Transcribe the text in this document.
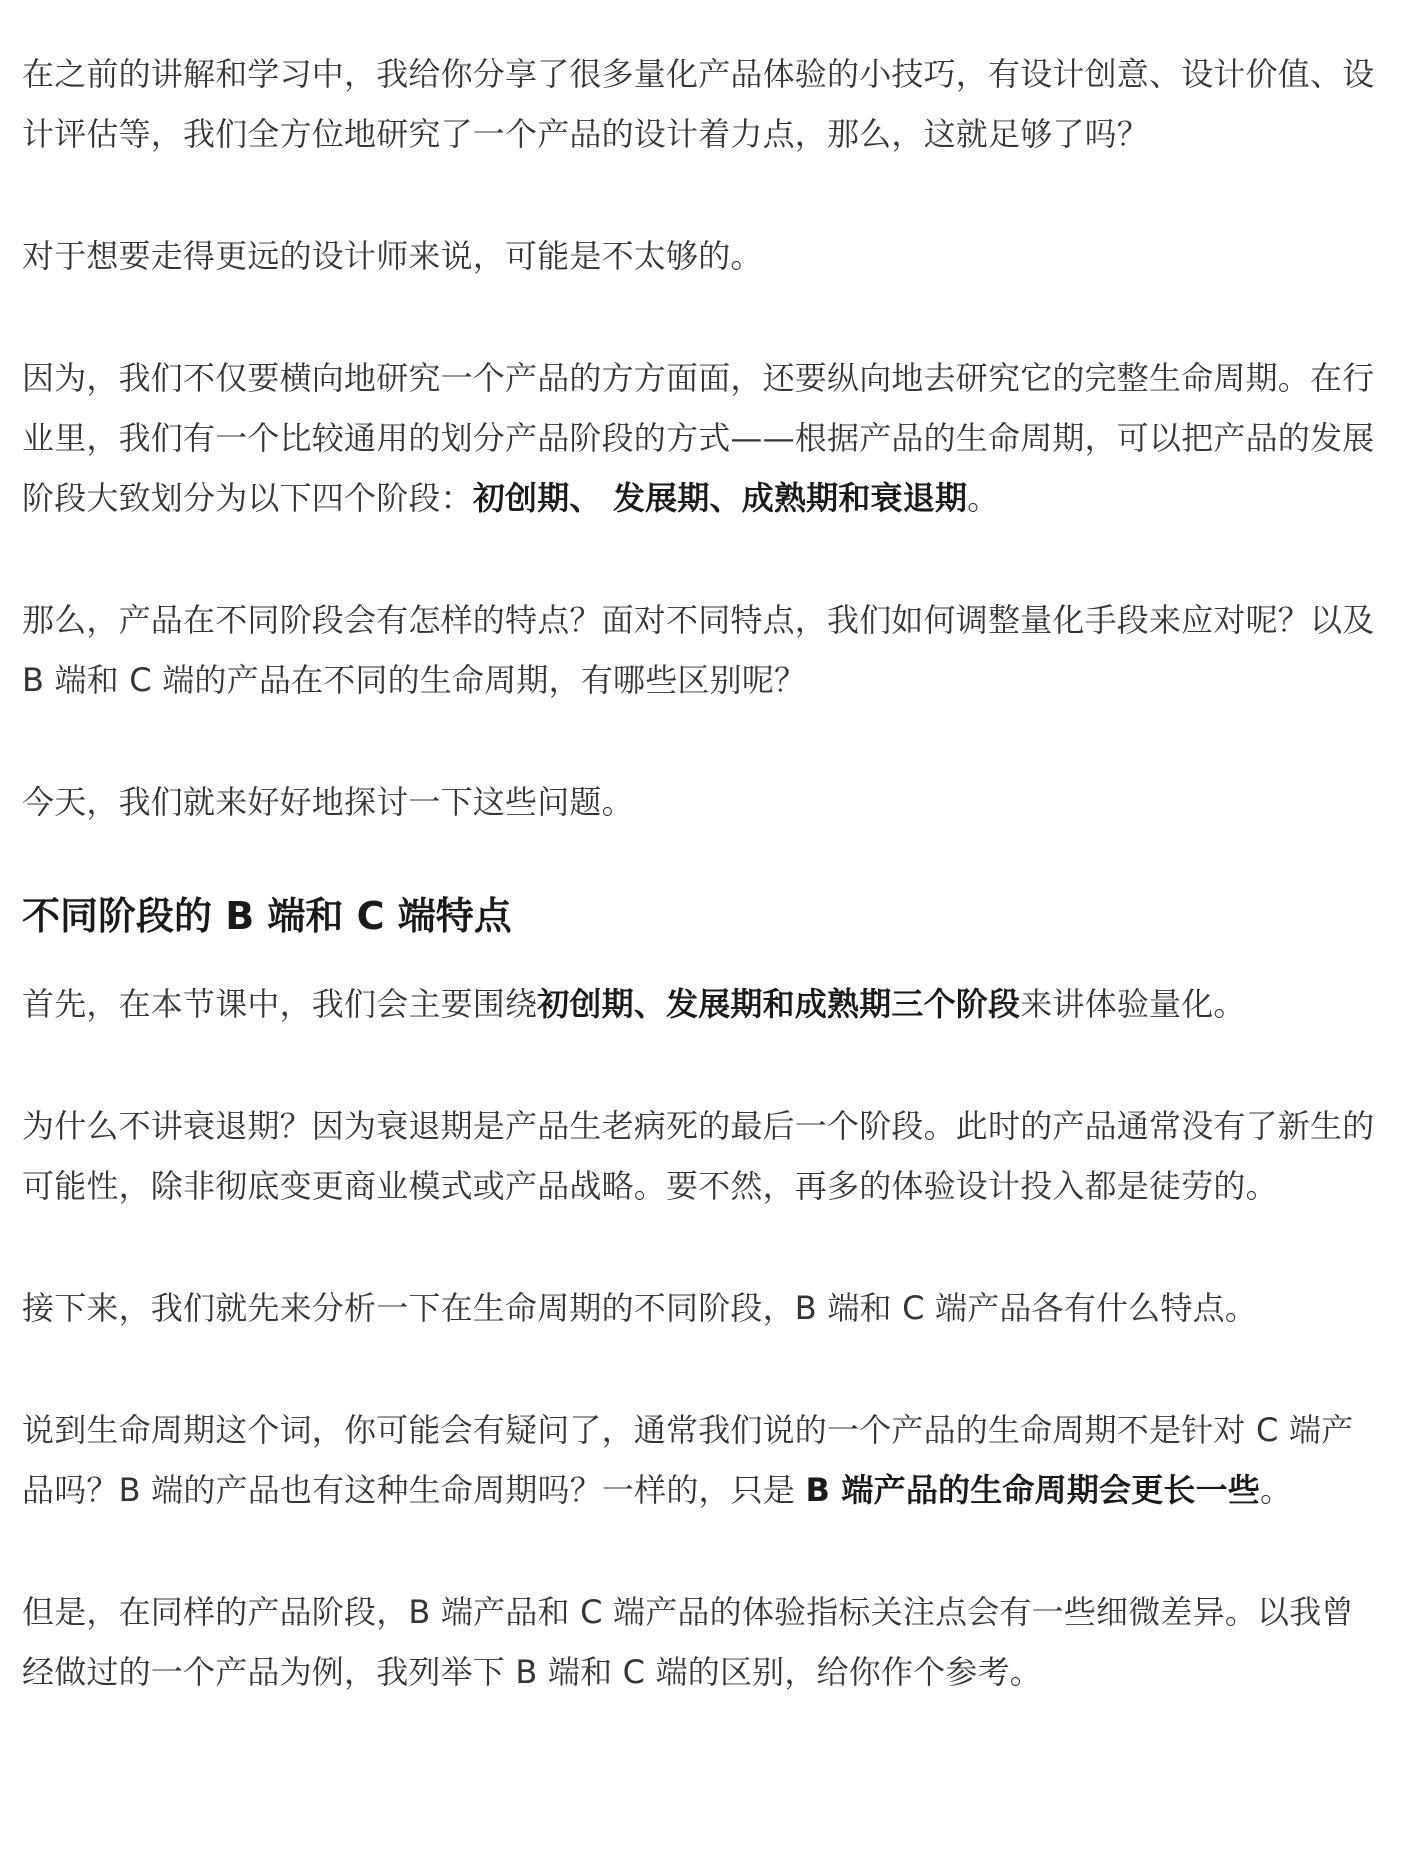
在之前的讲解和学习中，我给你分享了很多量化产品体验的小技巧，有设计创意、设计价值、设计评估等，我们全方位地研究了一个产品的设计着力点，那么，这就足够了吗？

对于想要走得更远的设计师来说，可能是不太够的。

因为，我们不仅要横向地研究一个产品的方方面面，还要纵向地去研究它的完整生命周期。在行业里，我们有一个比较通用的划分产品阶段的方式——根据产品的生命周期，可以把产品的发展阶段大致划分为以下四个阶段：初创期、 发展期、成熟期和衰退期。

那么，产品在不同阶段会有怎样的特点？面对不同特点，我们如何调整量化手段来应对呢？以及 B 端和 C 端的产品在不同的生命周期，有哪些区别呢？

今天，我们就来好好地探讨一下这些问题。

不同阶段的 B 端和 C 端特点

首先，在本节课中，我们会主要围绕初创期、发展期和成熟期三个阶段来讲体验量化。

为什么不讲衰退期？因为衰退期是产品生老病死的最后一个阶段。此时的产品通常没有了新生的可能性，除非彻底变更商业模式或产品战略。要不然，再多的体验设计投入都是徒劳的。

接下来，我们就先来分析一下在生命周期的不同阶段，B 端和 C 端产品各有什么特点。

说到生命周期这个词，你可能会有疑问了，通常我们说的一个产品的生命周期不是针对 C 端产品吗？B 端的产品也有这种生命周期吗？一样的，只是 B 端产品的生命周期会更长一些。

但是，在同样的产品阶段，B 端产品和 C 端产品的体验指标关注点会有一些细微差异。以我曾经做过的一个产品为例，我列举下 B 端和 C 端的区别，给你作个参考。
